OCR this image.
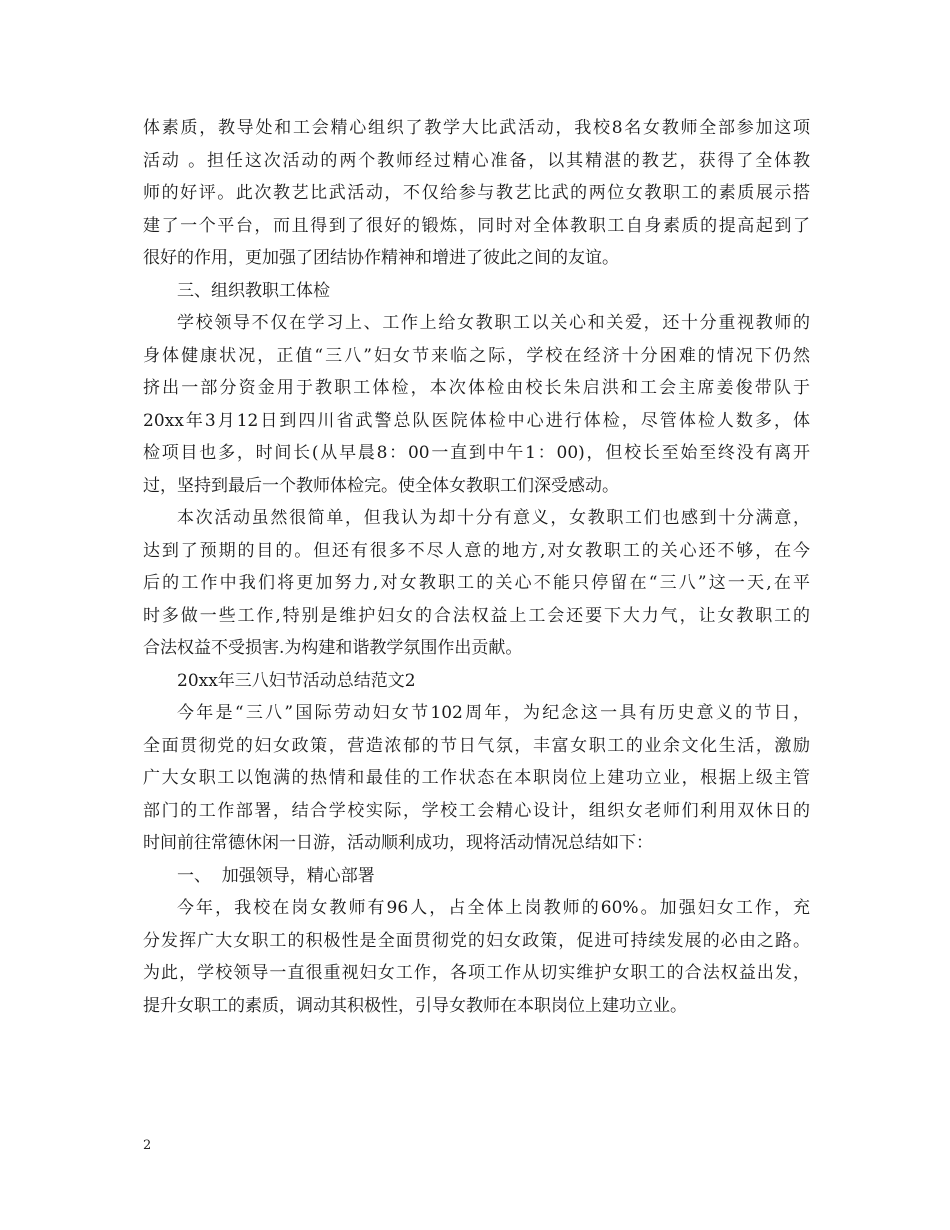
体素质，教导处和工会精心组织了教学大比武活动，我校8名女教师全部参加这项
活动 。担任这次活动的两个教师经过精心准备，以其精湛的教艺，获得了全体教
师的好评。此次教艺比武活动，不仅给参与教艺比武的两位女教职工的素质展示搭
建了一个平台，而且得到了很好的锻炼，同时对全体教职工自身素质的提高起到了
很好的作用，更加强了团结协作精神和增进了彼此之间的友谊。
三、组织教职工体检
学校领导不仅在学习上、工作上给女教职工以关心和关爱，还十分重视教师的
身体健康状况，正值“三八”妇女节来临之际，学校在经济十分困难的情况下仍然
挤出一部分资金用于教职工体检，本次体检由校长朱启洪和工会主席姜俊带队于
20xx年3月12日到四川省武警总队医院体检中心进行体检，尽管体检人数多，体
检项目也多，时间长(从早晨8：00一直到中午1：00)，但校长至始至终没有离开
过，坚持到最后一个教师体检完。使全体女教职工们深受感动。
本次活动虽然很简单，但我认为却十分有意义，女教职工们也感到十分满意，
达到了预期的目的。但还有很多不尽人意的地方,对女教职工的关心还不够，在今
后的工作中我们将更加努力,对女教职工的关心不能只停留在“三八”这一天,在平
时多做一些工作,特别是维护妇女的合法权益上工会还要下大力气，让女教职工的
合法权益不受损害.为构建和谐教学氛围作出贡献。
20xx年三八妇节活动总结范文2
今年是“三八”国际劳动妇女节102周年，为纪念这一具有历史意义的节日，
全面贯彻党的妇女政策，营造浓郁的节日气氛，丰富女职工的业余文化生活，激励
广大女职工以饱满的热情和最佳的工作状态在本职岗位上建功立业，根据上级主管
部门的工作部署，结合学校实际，学校工会精心设计，组织女老师们利用双休日的
时间前往常德休闲一日游，活动顺利成功，现将活动情况总结如下：
一、  加强领导，精心部署
今年，我校在岗女教师有96人，占全体上岗教师的60%。加强妇女工作，充
分发挥广大女职工的积极性是全面贯彻党的妇女政策，促进可持续发展的必由之路。
为此，学校领导一直很重视妇女工作，各项工作从切实维护女职工的合法权益出发，
提升女职工的素质，调动其积极性，引导女教师在本职岗位上建功立业。
2
